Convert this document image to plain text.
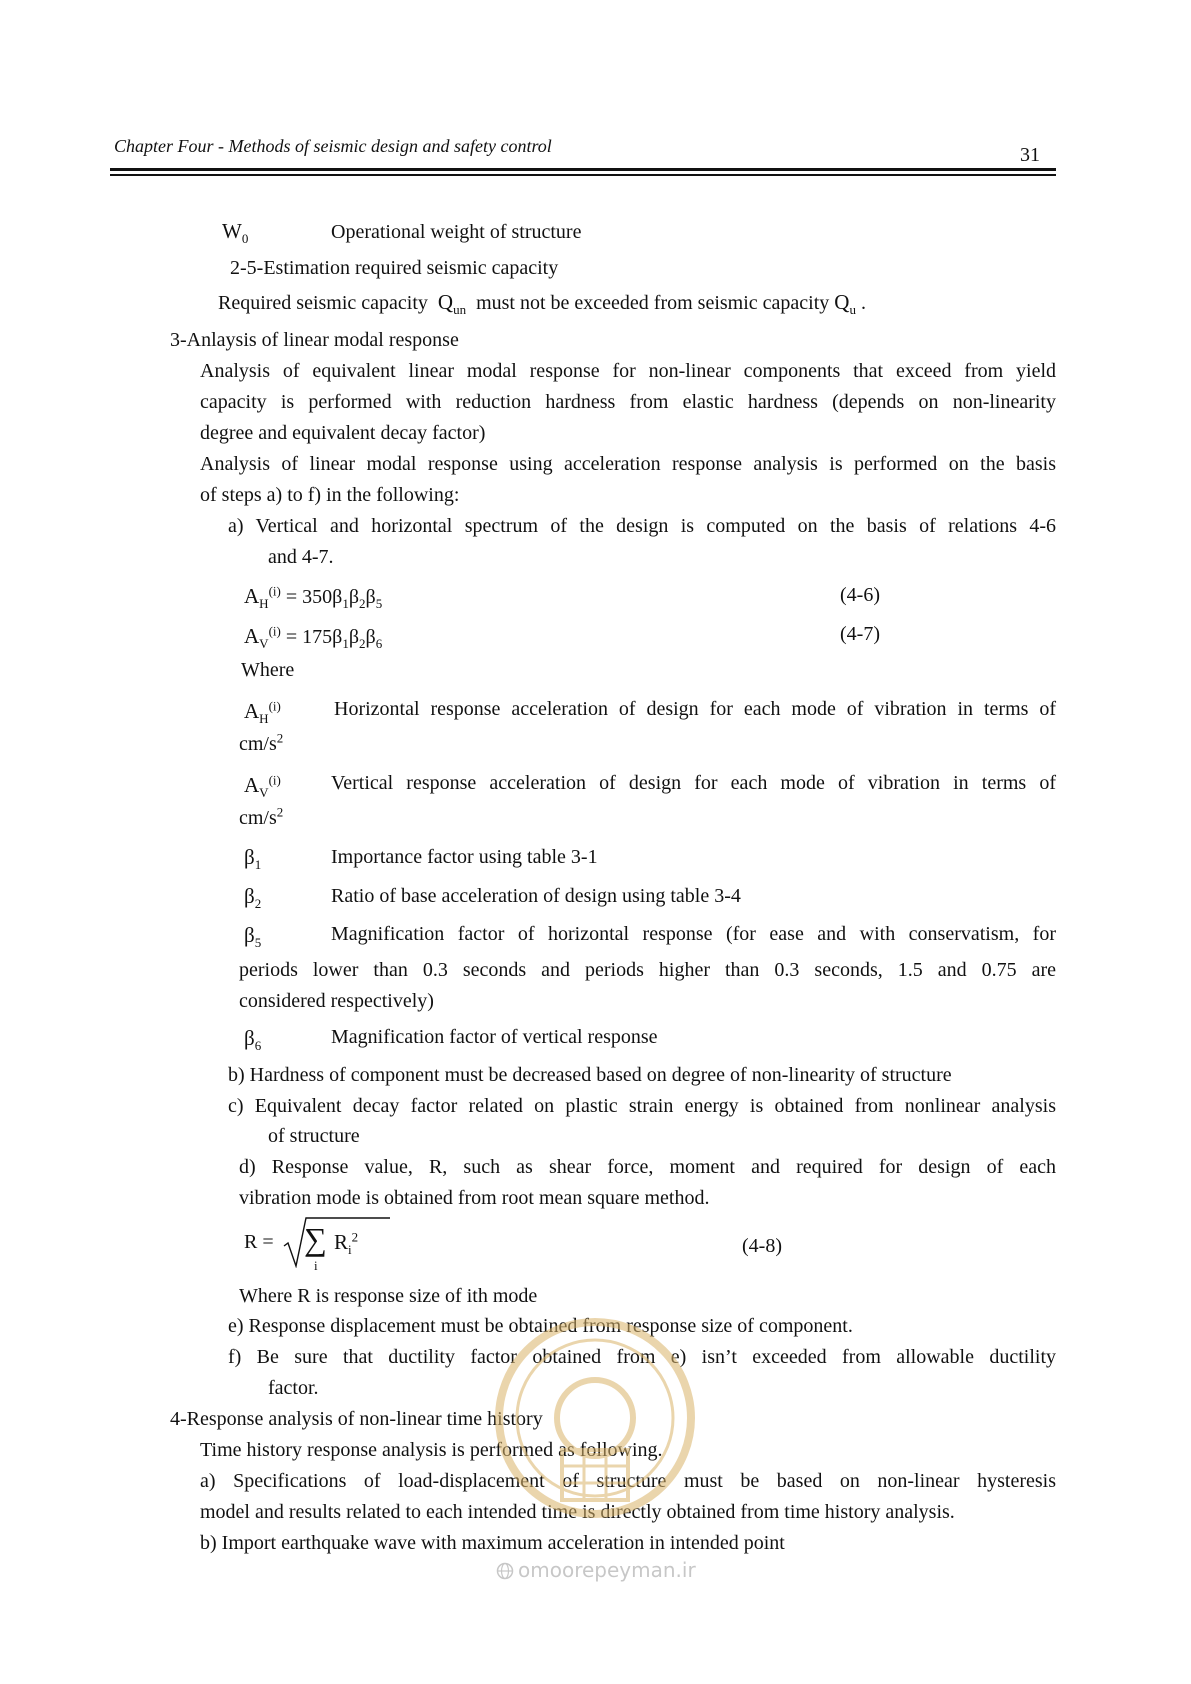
Chapter Four - Methods of seismic design and safety control	31
$W_0$	Operational weight of structure
2-5-Estimation required seismic capacity
Required seismic capacity $Q_{un}$ must not be exceeded from seismic capacity $Q_u$ .
3-Anlaysis of linear modal response
Analysis of equivalent linear modal response for non-linear components that exceed from yield
capacity is performed with reduction hardness from elastic hardness (depends on non-linearity
degree and equivalent decay factor)
Analysis of linear modal response using acceleration response analysis is performed on the basis
of steps a) to f) in the following:
a) Vertical and horizontal spectrum of the design is computed on the basis of relations 4-6
and 4-7.
$A_H^{(i)} = 350\beta_1\beta_2\beta_5$	(4-6)
$A_V^{(i)} = 175\beta_1\beta_2\beta_6$	(4-7)
Where
$A_H^{(i)}$	Horizontal response acceleration of design for each mode of vibration in terms of
$cm/s^2$
$A_V^{(i)}$	Vertical response acceleration of design for each mode of vibration in terms of
$cm/s^2$
$\beta_1$	Importance factor using table 3-1
$\beta_2$	Ratio of base acceleration of design using table 3-4
$\beta_5$	Magnification factor of horizontal response (for ease and with conservatism, for
periods lower than 0.3 seconds and periods higher than 0.3 seconds, 1.5 and 0.75 are
considered respectively)
$\beta_6$	Magnification factor of vertical response
b) Hardness of component must be decreased based on degree of non-linearity of structure
c) Equivalent decay factor related on plastic strain energy is obtained from nonlinear analysis
of structure
d) Response value, R, such as shear force, moment and required for design of each
vibration mode is obtained from root mean square method.
R = ∑
i
$R_i^2$	(4-8)
Where R is response size of ith mode
e) Response displacement must be obtained from response size of component.
f) Be sure that ductility factor obtained from e) isn’t exceeded from allowable ductility
factor.
4-Response analysis of non-linear time history
Time history response analysis is performed as following.
a) Specifications of load-displacement of structure must be based on non-linear hysteresis
model and results related to each intended time is directly obtained from time history analysis.
b) Import earthquake wave with maximum acceleration in intended point
omoorepeyman.ir
